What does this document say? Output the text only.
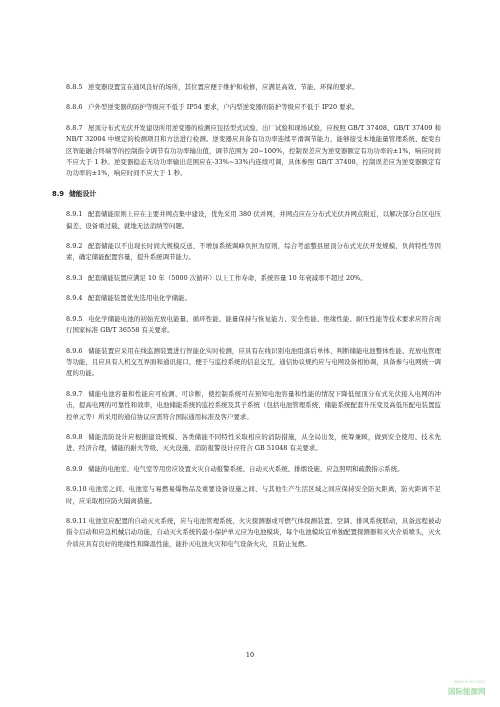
8.8.5 逆变器设置宜在通风良好的场所，其位置应便于维护和检修，应满足高效、节能、环保的要求。
8.8.6 户外型逆变器的防护等级应不低于 IP54 要求，户内型逆变器的防护等级应不低于 IP20 要求。
8.8.7 屋顶分布式光伏开发建设所用逆变器的检测应包括型式试验、出厂试验和现场试验，应按照 GB/T 37408、GB/T 37409 和 NB/T 32004 中规定的检测项目和方法进行检测。逆变器应具备有功功率连续平滑调节能力，能够接受本地能量管理系统、配变台区智能融合终端等的控制指令调节有功功率输出值，调节范围为 20~100%，控制误差应为逆变器额定有功功率的±1%，响应时间不应大于 1 秒。逆变器稳态无功功率输出范围应在-33%~33%内连续可调，具体参照 GB/T 37408，控制误差应为逆变器额定有功功率的±1%，响应时间不应大于 1 秒。
8.9 储能设计
8.9.1 配套储能原则上应在主要并网点集中建设，优先采用 380 伏并网，并网点应在分布式光伏并网点附近，以解决部分台区电压偏差、设备重过载、就地无法消纳等问题。
8.9.2 配套储能以不出现长时间大规模反送、不增加系统调峰负担为原则，综合考虑整县屋顶分布式光伏开发规模、负荷特性等因素，确定储能配置容量，提升系统调节能力。
8.9.3 配套储能装置应满足 10 年（5000 次循环）以上工作寿命，系统容量 10 年衰减率不超过 20%。
8.9.4 配套储能装置优先选用电化学储能。
8.9.5 电化学储能电池的初始充放电能量、循环性能、能量保持与恢复能力、安全性能、绝缘性能、耐压性能等技术要求应符合现行国家标准 GB/T 36558 有关要求。
8.9.6 储能装置应采用在线监测装置进行智能化实时检测，应具有在线识别电池组落后单体、判断储能电池整体性能、充放电管理等功能，且应具有人机交互界面和通讯接口，便于与监控系统的信息交互，通信协议规约应与电网设备相协调，具备参与电网统一调度的功能。
8.9.7 储能电池容量和性能应可检测、可诊断，使控制系统可在预知电池容量和性能的情况下降低屋顶分布式光伏接入电网的冲击，提高电网的可靠性和效率，电池储能系统的监控系统及其子系统（包括电池管理系统、储能系统配套升压变及高低压配电装置监控单元等）所采用的通信协议应需符合国际通用标准及客户要求。
8.9.8 储能消防设计应根据建设规模、各类储能不同特性采取相应的消防措施，从全局出发，统筹兼顾，做到安全使用、技术先进、经济合理，储能的耐火等级、灭火设施、消防报警设计应符合 GB 51048 有关要求。
8.9.9 储能的电池室、电气室等用房应设置火灾自动报警系统、自动灭火系统、排烟设施、应急照明和疏散指示系统。
8.9.10 电池室之间、电池室与易燃易爆物品及重要设备设施之间、与其他生产生活区域之间应保持安全防火距离，防火距离不足时，应采取相应防火隔离措施。
8.9.11 电池室应配置的自动灭火系统，应与电池管理系统、火灾探测器或可燃气体探测装置、空调、排风系统联动，具备远程被动指令启动和应急机械启动功能，自动灭火系统的最小保护单元应为电池模块，每个电池模块宜单独配置探测器和灭火介质喷头，灭火介质应具有良好的绝缘性和降温性能，能扑灭电池火灾和电气设备火灾，且防止复燃。
10
www.in-en.com
国际能源网
